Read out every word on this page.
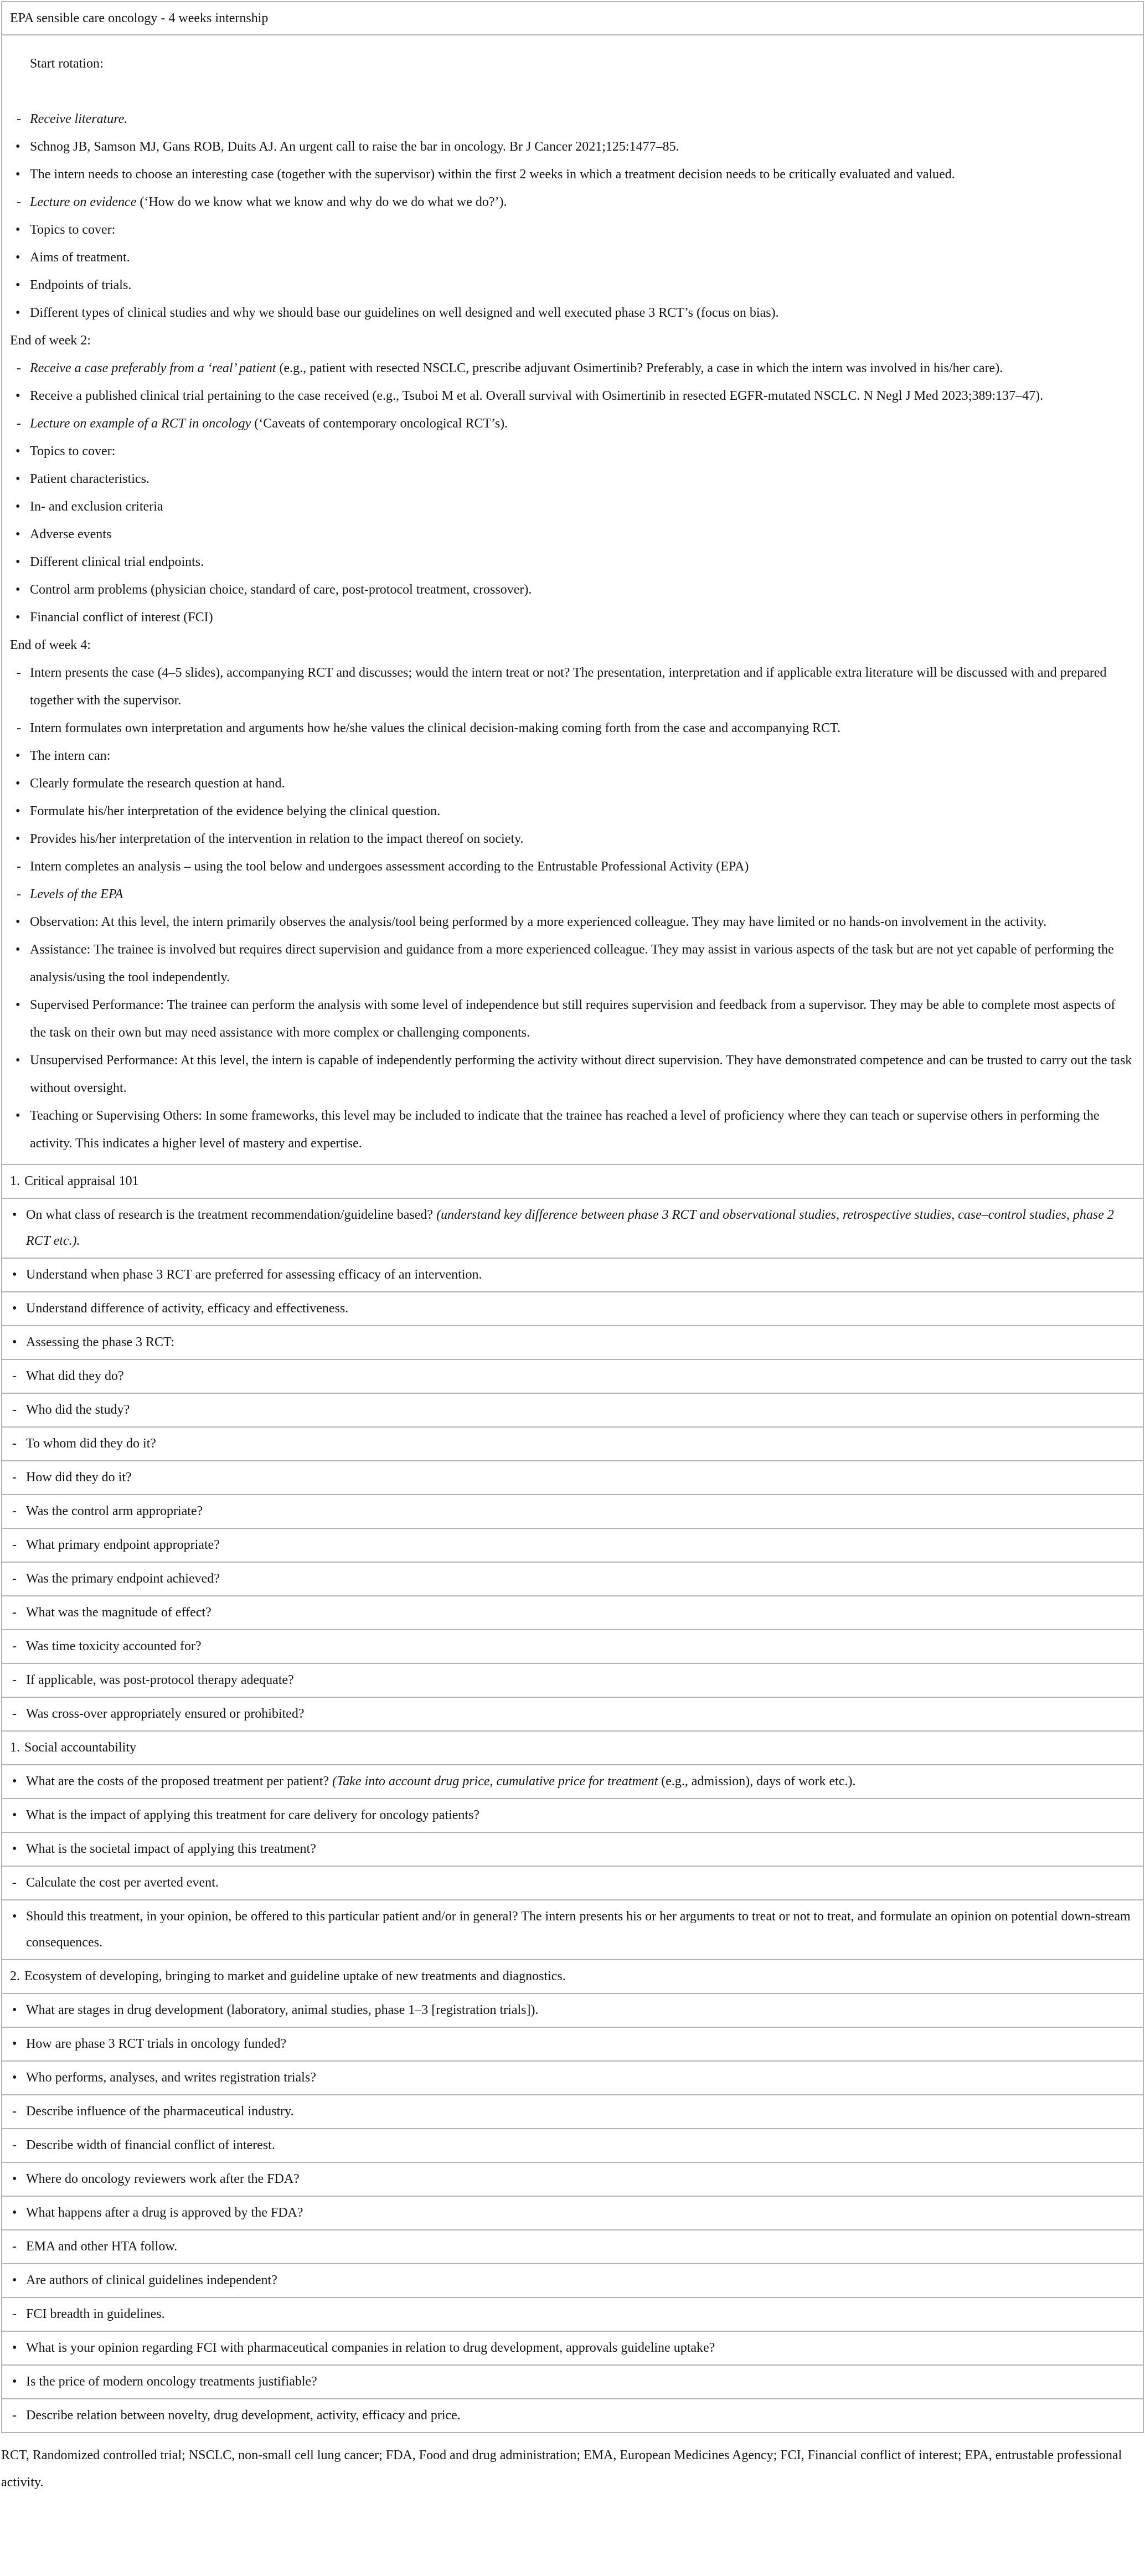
EPA sensible care oncology - 4 weeks internship
Start rotation:
- Receive literature.
• Schnog JB, Samson MJ, Gans ROB, Duits AJ. An urgent call to raise the bar in oncology. Br J Cancer 2021;125:1477–85.
• The intern needs to choose an interesting case (together with the supervisor) within the first 2 weeks in which a treatment decision needs to be critically evaluated and valued.
- Lecture on evidence (‘How do we know what we know and why do we do what we do?’).
• Topics to cover:
• Aims of treatment.
• Endpoints of trials.
• Different types of clinical studies and why we should base our guidelines on well designed and well executed phase 3 RCT’s (focus on bias).
End of week 2:
- Receive a case preferably from a ‘real’ patient (e.g., patient with resected NSCLC, prescribe adjuvant Osimertinib? Preferably, a case in which the intern was involved in his/her care).
• Receive a published clinical trial pertaining to the case received (e.g., Tsuboi M et al. Overall survival with Osimertinib in resected EGFR-mutated NSCLC. N Negl J Med 2023;389:137–47).
- Lecture on example of a RCT in oncology (‘Caveats of contemporary oncological RCT’s).
• Topics to cover:
• Patient characteristics.
• In- and exclusion criteria
• Adverse events
• Different clinical trial endpoints.
• Control arm problems (physician choice, standard of care, post-protocol treatment, crossover).
• Financial conflict of interest (FCI)
End of week 4:
- Intern presents the case (4–5 slides), accompanying RCT and discusses; would the intern treat or not? The presentation, interpretation and if applicable extra literature will be discussed with and prepared together with the supervisor.
- Intern formulates own interpretation and arguments how he/she values the clinical decision-making coming forth from the case and accompanying RCT.
• The intern can:
• Clearly formulate the research question at hand.
• Formulate his/her interpretation of the evidence belying the clinical question.
• Provides his/her interpretation of the intervention in relation to the impact thereof on society.
- Intern completes an analysis – using the tool below and undergoes assessment according to the Entrustable Professional Activity (EPA)
- Levels of the EPA
• Observation: At this level, the intern primarily observes the analysis/tool being performed by a more experienced colleague. They may have limited or no hands-on involvement in the activity.
• Assistance: The trainee is involved but requires direct supervision and guidance from a more experienced colleague. They may assist in various aspects of the task but are not yet capable of performing the analysis/using the tool independently.
• Supervised Performance: The trainee can perform the analysis with some level of independence but still requires supervision and feedback from a supervisor. They may be able to complete most aspects of the task on their own but may need assistance with more complex or challenging components.
• Unsupervised Performance: At this level, the intern is capable of independently performing the activity without direct supervision. They have demonstrated competence and can be trusted to carry out the task without oversight.
• Teaching or Supervising Others: In some frameworks, this level may be included to indicate that the trainee has reached a level of proficiency where they can teach or supervise others in performing the activity. This indicates a higher level of mastery and expertise.
1. Critical appraisal 101
• On what class of research is the treatment recommendation/guideline based? (understand key difference between phase 3 RCT and observational studies, retrospective studies, case–control studies, phase 2 RCT etc.).
• Understand when phase 3 RCT are preferred for assessing efficacy of an intervention.
• Understand difference of activity, efficacy and effectiveness.
• Assessing the phase 3 RCT:
- What did they do?
- Who did the study?
- To whom did they do it?
- How did they do it?
- Was the control arm appropriate?
- What primary endpoint appropriate?
- Was the primary endpoint achieved?
- What was the magnitude of effect?
- Was time toxicity accounted for?
- If applicable, was post-protocol therapy adequate?
- Was cross-over appropriately ensured or prohibited?
1. Social accountability
• What are the costs of the proposed treatment per patient? (Take into account drug price, cumulative price for treatment (e.g., admission), days of work etc.).
• What is the impact of applying this treatment for care delivery for oncology patients?
• What is the societal impact of applying this treatment?
- Calculate the cost per averted event.
• Should this treatment, in your opinion, be offered to this particular patient and/or in general? The intern presents his or her arguments to treat or not to treat, and formulate an opinion on potential down-stream consequences.
2. Ecosystem of developing, bringing to market and guideline uptake of new treatments and diagnostics.
• What are stages in drug development (laboratory, animal studies, phase 1–3 [registration trials]).
• How are phase 3 RCT trials in oncology funded?
• Who performs, analyses, and writes registration trials?
- Describe influence of the pharmaceutical industry.
- Describe width of financial conflict of interest.
• Where do oncology reviewers work after the FDA?
• What happens after a drug is approved by the FDA?
- EMA and other HTA follow.
• Are authors of clinical guidelines independent?
- FCI breadth in guidelines.
• What is your opinion regarding FCI with pharmaceutical companies in relation to drug development, approvals guideline uptake?
• Is the price of modern oncology treatments justifiable?
- Describe relation between novelty, drug development, activity, efficacy and price.
RCT, Randomized controlled trial; NSCLC, non-small cell lung cancer; FDA, Food and drug administration; EMA, European Medicines Agency; FCI, Financial conflict of interest; EPA, entrustable professional activity.
